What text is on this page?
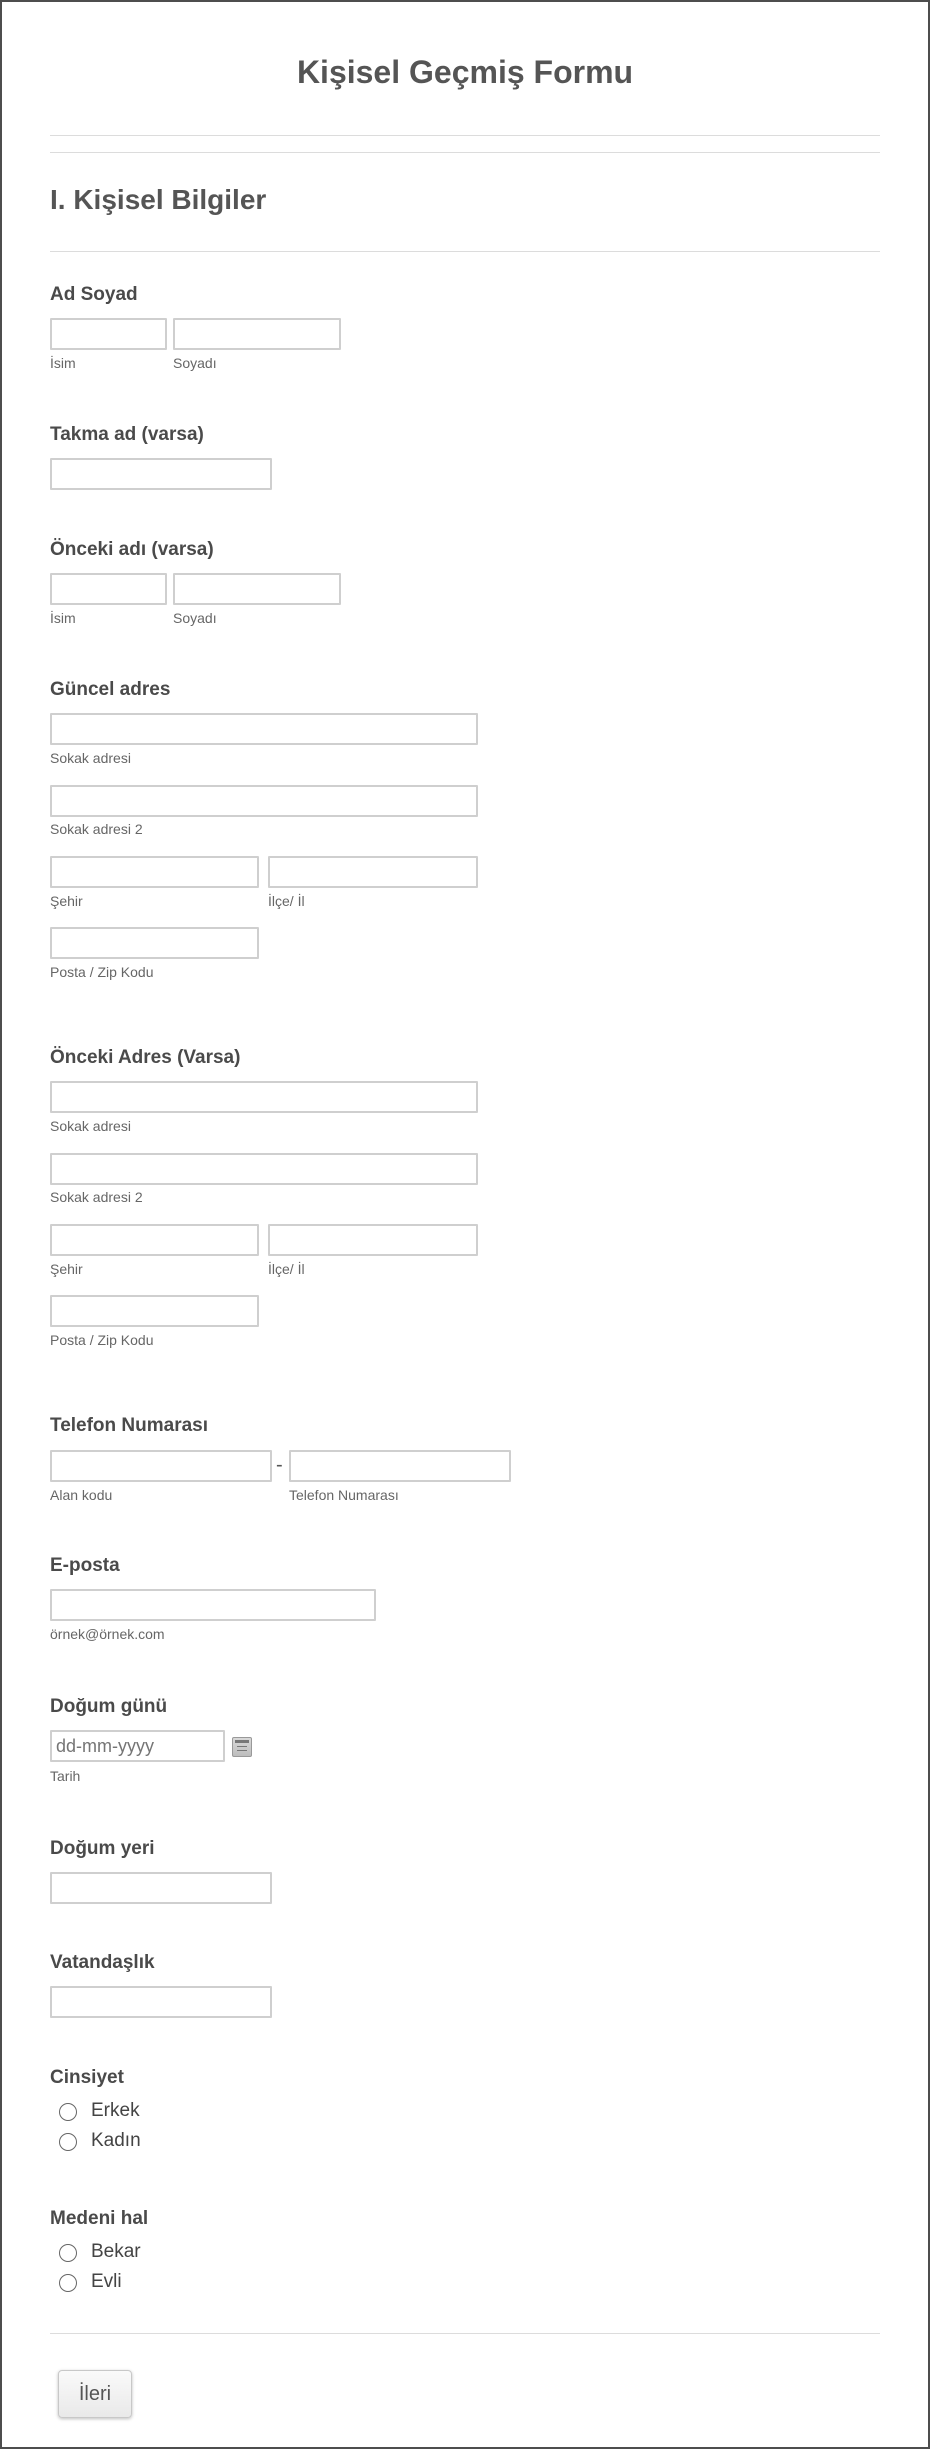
Kişisel Geçmiş Formu
I. Kişisel Bilgiler
Ad Soyad
İsim	Soyadı
Takma ad (varsa)
Önceki adı (varsa)
İsim	Soyadı
Güncel adres
Sokak adresi
Sokak adresi 2
Şehir	İlçe/ İl
Posta / Zip Kodu
Önceki Adres (Varsa)
Sokak adresi
Sokak adresi 2
Şehir	İlçe/ İl
Posta / Zip Kodu
Telefon Numarası
-
Alan kodu	Telefon Numarası
E-posta
örnek@örnek.com
Doğum günü
dd-mm-yyyy
Tarih
Doğum yeri
Vatandaşlık
Cinsiyet
Erkek
Kadın
Medeni hal
Bekar
Evli
İleri
